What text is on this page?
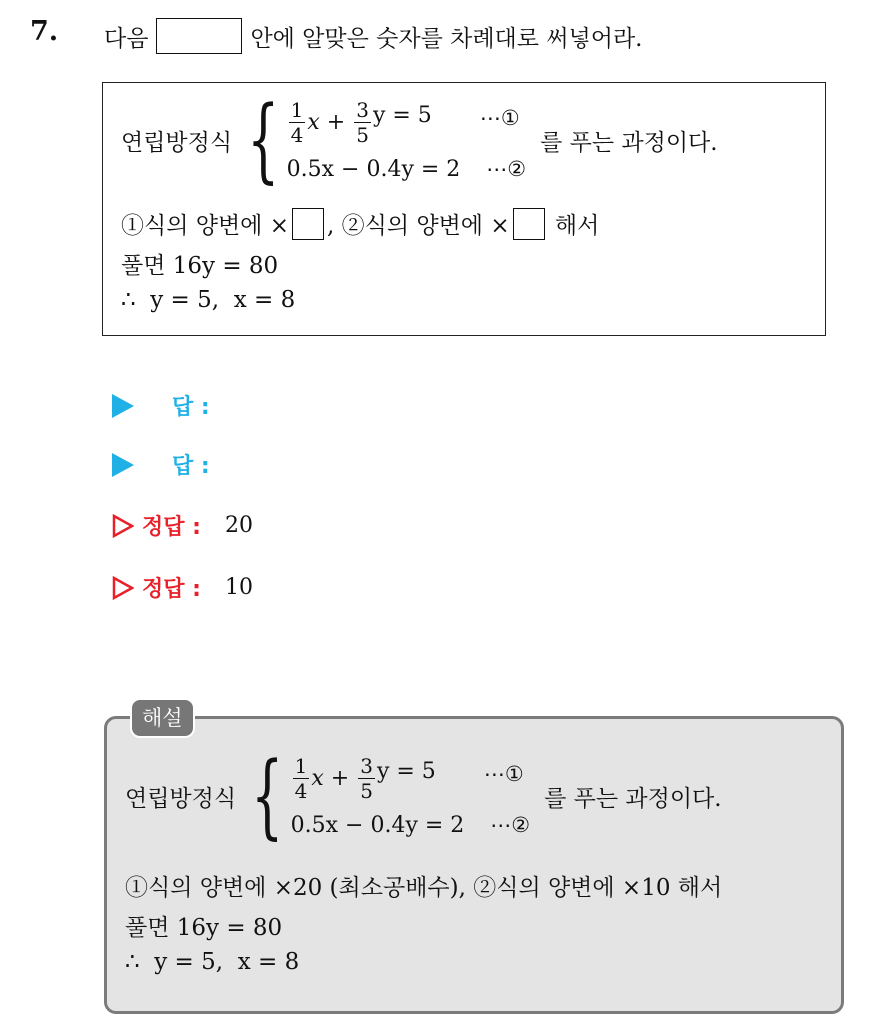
7. 다음	안에 알맞은 숫자를 차례대로 써넣어라.
연립방정식 { $\frac{1}{4}$ $x + \frac{3}{5}$ y = 5 ⋯①
0.5x − 0.4y = 2 ⋯②
를 푸는 과정이다.
①식의 양변에 × , ②식의 양변에 × 해서
풀면 16y = 80
∴  y = 5,  x = 8
답 :
답 :
정답 : 20
정답 : 10
연립방정식 { $\frac{1}{4}$ $x + \frac{3}{5}$ y = 5 ⋯①
0.5x − 0.4y = 2 ⋯②
를 푸는 과정이다.
①식의 양변에 ×20 (최소공배수), ②식의 양변에 ×10 해서
풀면 16y = 80
∴  y = 5,  x = 8
해설
